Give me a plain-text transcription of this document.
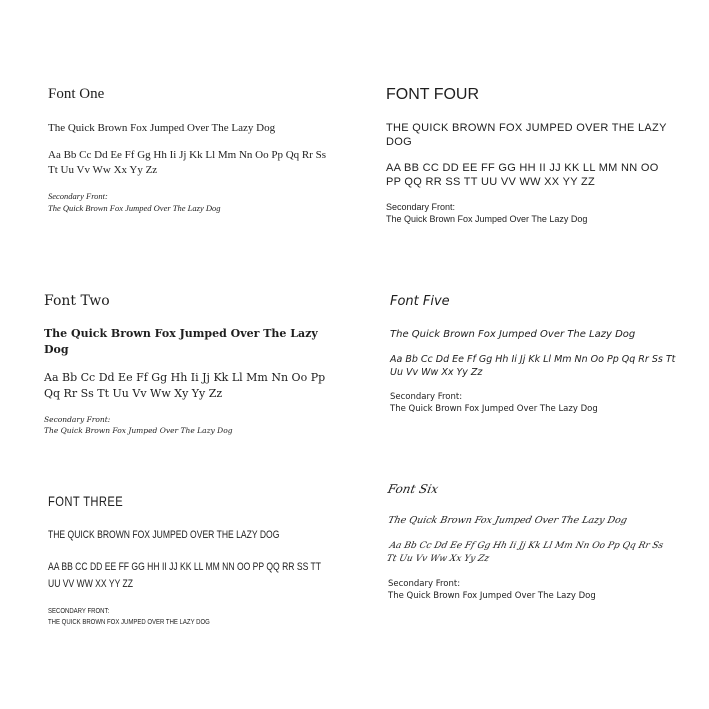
Font One

The Quick Brown Fox Jumped Over The Lazy Dog

Aa Bb Cc Dd Ee Ff Gg Hh Ii Jj Kk Ll Mm Nn Oo Pp Qq Rr Ss Tt Uu Vv Ww Xx Yy Zz

Secondary Front:
The Quick Brown Fox Jumped Over The Lazy Dog

Font Two

The Quick Brown Fox Jumped Over The Lazy Dog

Aa Bb Cc Dd Ee Ff Gg Hh Ii Jj Kk Ll Mm Nn Oo Pp Qq Rr Ss Tt Uu Vv Ww Xy Yy Zz

Secondary Front:
The Quick Brown Fox Jumped Over The Lazy Dog

FONT THREE

THE QUICK BROWN FOX JUMPED OVER THE LAZY DOG

AA BB CC DD EE FF GG HH II JJ KK LL MM NN OO PP QQ RR SS TT UU VV WW XX YY ZZ

SECONDARY FRONT:
THE QUICK BROWN FOX JUMPED OVER THE LAZY DOG

FONT FOUR

THE QUICK BROWN FOX JUMPED OVER THE LAZY DOG

AA BB CC DD EE FF GG HH II JJ KK LL MM NN OO PP QQ RR SS TT UU VV WW XX YY ZZ

Secondary Front:
The Quick Brown Fox Jumped Over The Lazy Dog

Font Five

The Quick Brown Fox Jumped Over The Lazy Dog

Aa Bb Cc Dd Ee Ff Gg Hh Ii Jj Kk Ll Mm Nn Oo Pp Qq Rr Ss Tt Uu Vv Ww Xx Yy Zz

Secondary Front:
The Quick Brown Fox Jumped Over The Lazy Dog

Font Six

The Quick Brown Fox Jumped Over The Lazy Dog

Aa Bb Cc Dd Ee Ff Gg Hh Ii Jj Kk Ll Mm Nn Oo Pp Qq Rr Ss Tt Uu Vv Ww Xx Yy Zz

Secondary Front:
The Quick Brown Fox Jumped Over The Lazy Dog
